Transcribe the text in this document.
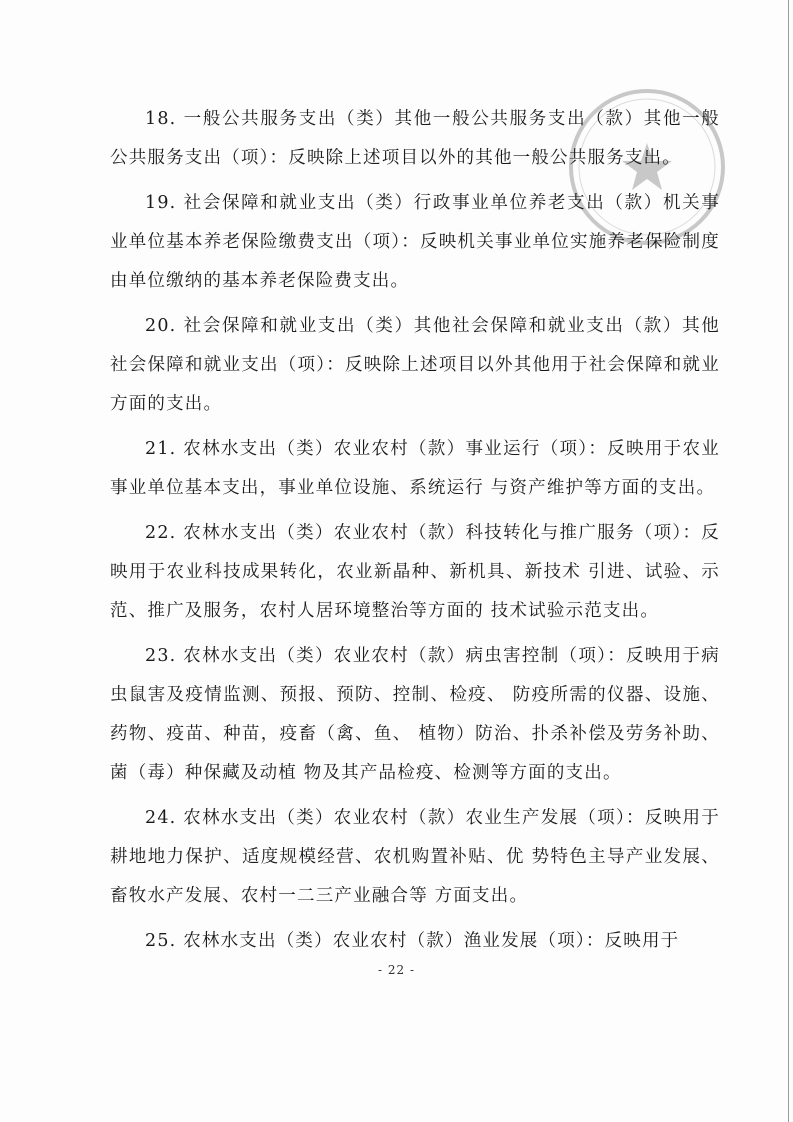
18. 一般公共服务支出（类）其他一般公共服务支出（款）其他一般公共服务支出（项）：反映除上述项目以外的其他一般公共服务支出。

19. 社会保障和就业支出（类）行政事业单位养老支出（款）机关事业单位基本养老保险缴费支出（项）：反映机关事业单位实施养老保险制度由单位缴纳的基本养老保险费支出。

20. 社会保障和就业支出（类）其他社会保障和就业支出（款）其他社会保障和就业支出（项）：反映除上述项目以外其他用于社会保障和就业方面的支出。

21. 农林水支出（类）农业农村（款）事业运行（项）：反映用于农业事业单位基本支出，事业单位设施、系统运行 与资产维护等方面的支出。

22. 农林水支出（类）农业农村（款）科技转化与推广服务（项）：反映用于农业科技成果转化，农业新晶种、新机具、新技术 引进、试验、示范、推广及服务，农村人居环境整治等方面的 技术试验示范支出。

23. 农林水支出（类）农业农村（款）病虫害控制（项）：反映用于病虫鼠害及疫情监测、预报、预防、控制、检疫、 防疫所需的仪器、设施、药物、疫苗、种苗，疫畜（禽、鱼、 植物）防治、扑杀补偿及劳务补助、菌（毒）种保藏及动植 物及其产品检疫、检测等方面的支出。

24. 农林水支出（类）农业农村（款）农业生产发展（项）：反映用于耕地地力保护、适度规模经营、农机购置补贴、优 势特色主导产业发展、畜牧水产发展、农村一二三产业融合等 方面支出。

25. 农林水支出（类）农业农村（款）渔业发展（项）：反映用于

- 22 -
